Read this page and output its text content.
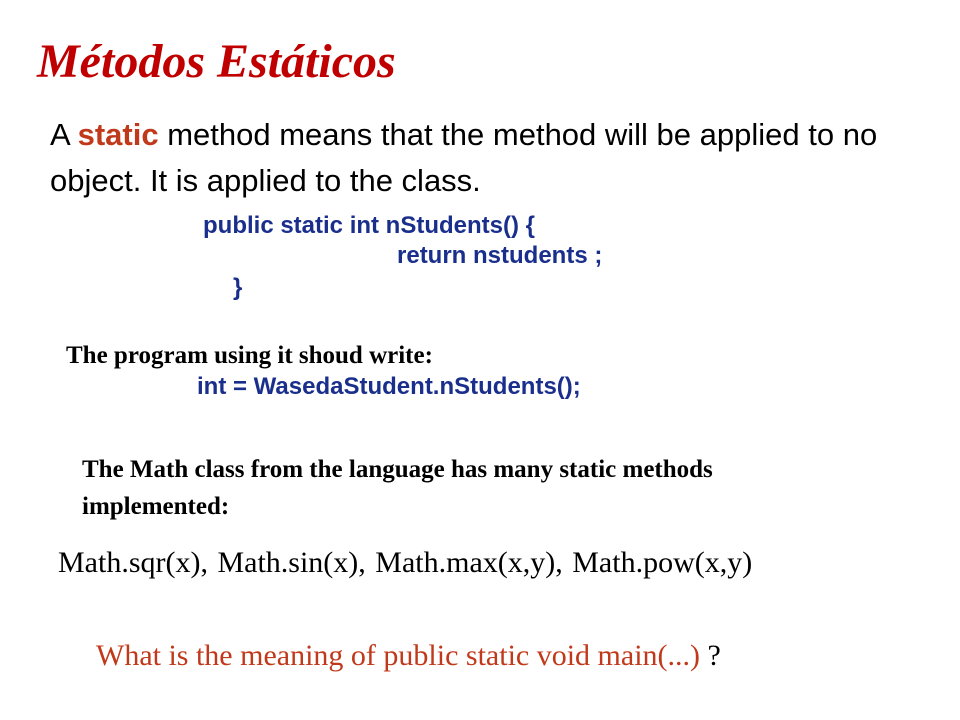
Métodos Estáticos
A static method means that the method will be applied to no object. It is applied to the class.
public static int nStudents() {
return nstudents ;
}
The program using it shoud write:
int = WasedaStudent.nStudents();
The Math class from the language has many static methods implemented:
Math.sqr(x), Math.sin(x), Math.max(x,y), Math.pow(x,y)
What is the meaning of public static void main(...) ?
